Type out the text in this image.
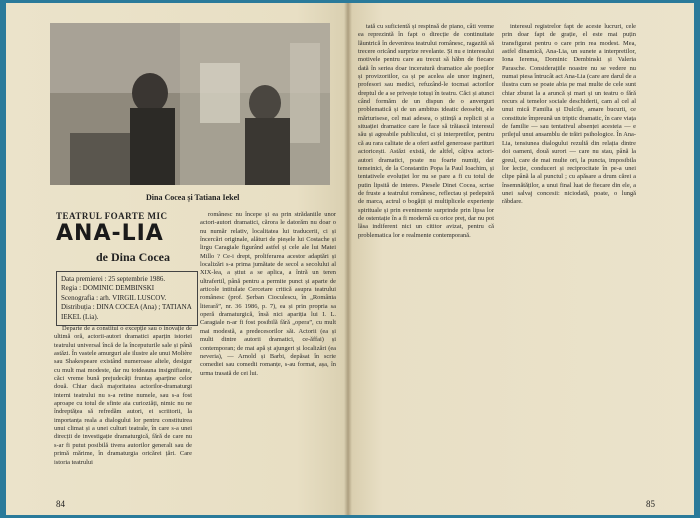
Dina Cocea și Tatiana Iekel
TEATRUL FOARTE MIC
ANA-LIA
de Dina Cocea
Data premierei : 25 septembrie 1986.
Regia : DOMINIC DEMBINSKI
Scenografia : arh. VIRGIL LUSCOV.
Distribuția : DINA COCEA (Ana) ; TATIANA IEKEL (Lia).

Departe de a constitui o excepție sau o inovație de ultimă oră, actorii-autori dramatici aparțin istoriei teatrului universal încă de la începuturile sale și până astăzi. În vastele amurguri ale ilustre ale unui Molière sau Shakespeare existând numeroase altele, desigur cu mult mai modeste, dar nu totdeauna insignifiante, căci vreme bună prejudecăți fruntaș aparține celor două. Chiar dacă majoritatea actorilor-dramaturgi interni teatrului nu s-a retine numele, sau s-a fost aproape cu totul de sfinte aia curioziăți, nimic nu ne îndreptățea să refredăm autori, ei scriitorii, la importanța reala a dialogului lor pentru constituirea unui climat și a unei culturi teatrale, în care s-a unei direcții de investigație dramaturgică, fără de care nu s-ar fi putut posibilă tivera autorilor generali sau de primă mărime, în dramaturgia oricărei țări. Care istoria teatrului

românesc nu începe și ea prin strădaniile unor actori-autori dramatici, cărora le datorăm nu doar o nu număr relativ, localitatea lui traducerii, ci și încercări originale, alături de pieșele lui Costache și lirgu Caragiale figurând astfel și cele ale lui Matei Millo ? Ce-i drept, proliferarea acestor adaptări și localizări s-a prima jumătate de secol a secolului al XIX-lea, a știut a se aplica, a întră un teren ultrafertil, până pentru a permite punct și aparte de articole intitulate Cercetare critică asupra teatrului românesc (prof. Șerban Cioculescu, în „România literară”, nr. 36 1986, p. 7), ea și prin propria sa operă dramaturgică, însă nici apariția lui I. L. Caragiale n-ar fi fost posibilă fără „opera”, cu mult mai modestă, a predecesorilor săi. Actorii (ea și multi dintre autorii dramatici, ce-ăffai) și contemporan; de mai apă șt ajungeri și localizări (ea neveria), — Arnold și Barbi, depăsat în scrie comediei sau comedii romanțe, s-au format, așa, în urma trasată de cei lui.

84

tată cu suficientă și respinsă de piano, câti vreme ea reprezintă în fapt o direcție de continuitate lăuntrică în devenirea teatrului românesc, ragazită să trecere oricând surprize revelante. Și nu e interesului motivele pentru care au trecut să hăbn de fiecare dată în seriea doar inceratură dramatice ale poeților și provizoriilor, ca și pe acelea ale unor ingineri, profesori sau medici, refuzând-le tocmai actorilor dreptul de a se privește totuși în teatru. Căci și atunci când formăm de un dispun de o anverguri problematică și de un ambitus ideatic deosebit, ele mărturisese, cel mai adesea, o știință a replicii și a situației dramatice care le face să trăiască interesul său și agreabile publicului, ci și interpretilor, pentru că au rara calitate de a oferi astfel generoase partituri actoricești. Astăzi există, de altfel, câțiva actori-autori dramatici, poate nu foarte numiți, dar temeinici, de la Constantin Popa la Paul Ioachim, și tentativele evoluției lor nu se pare a fi cu totul de putin lipsită de interes. Piesele Dinei Cocea, scrise de fruste a teatrului românesc, reflectau și pedepsiră de marca, actrul o bogății și multiplicele experiențe spirituale și prin evenimente surprinde prin lipsa lor de ostentație în a fi modernă cu orice preț, dar nu pot lăsa indiferent nici un cititor avizat, pentru că problematica lor e realmente contemporană.

interesul registrelor fapt de aceste lucruri, cele prin doar fapt de grație, el este mai puțin transfigurat pentru o care prin rea modest. Mea, astfel dinamică, Ana-Lia, un sunete a interpretilor, Iona Ierema, Dominic Dembinski și Valeria Parasche. Considerațiile noastre nu se vedere nu numai piesa întrucât act Ana-Lia (care are darul de a ilustra cum se poate abia pe mai multe de cele sunt chiar zburat la a aruncă și mari și un teatru o fără recurs al temelor sociale deschiderii, cam al cel al unui mică Familia și Dulcile, amare bucurii, ce constituie împreună un triptic dramatic, în care viața de familie — sau tentativul absenței acesteia — e prilejul unui ansamblu de trăiri psihologice. În Ana-Lia, tensiunea dialogului rezultă din relația dintre doi oameni, două surori — care nu stau, până la greul, care de mai multe ori, la puncta, imposibila lor lecție, conduceri și reciprocitate în pe-a unei clipe până la al punctul ; cu apăsare a drum cărei a însemnătăților, a unui final luat de fiecare din ele, a unei salvaj concesii: niciodată, poate, o lungă răbdare.

85
